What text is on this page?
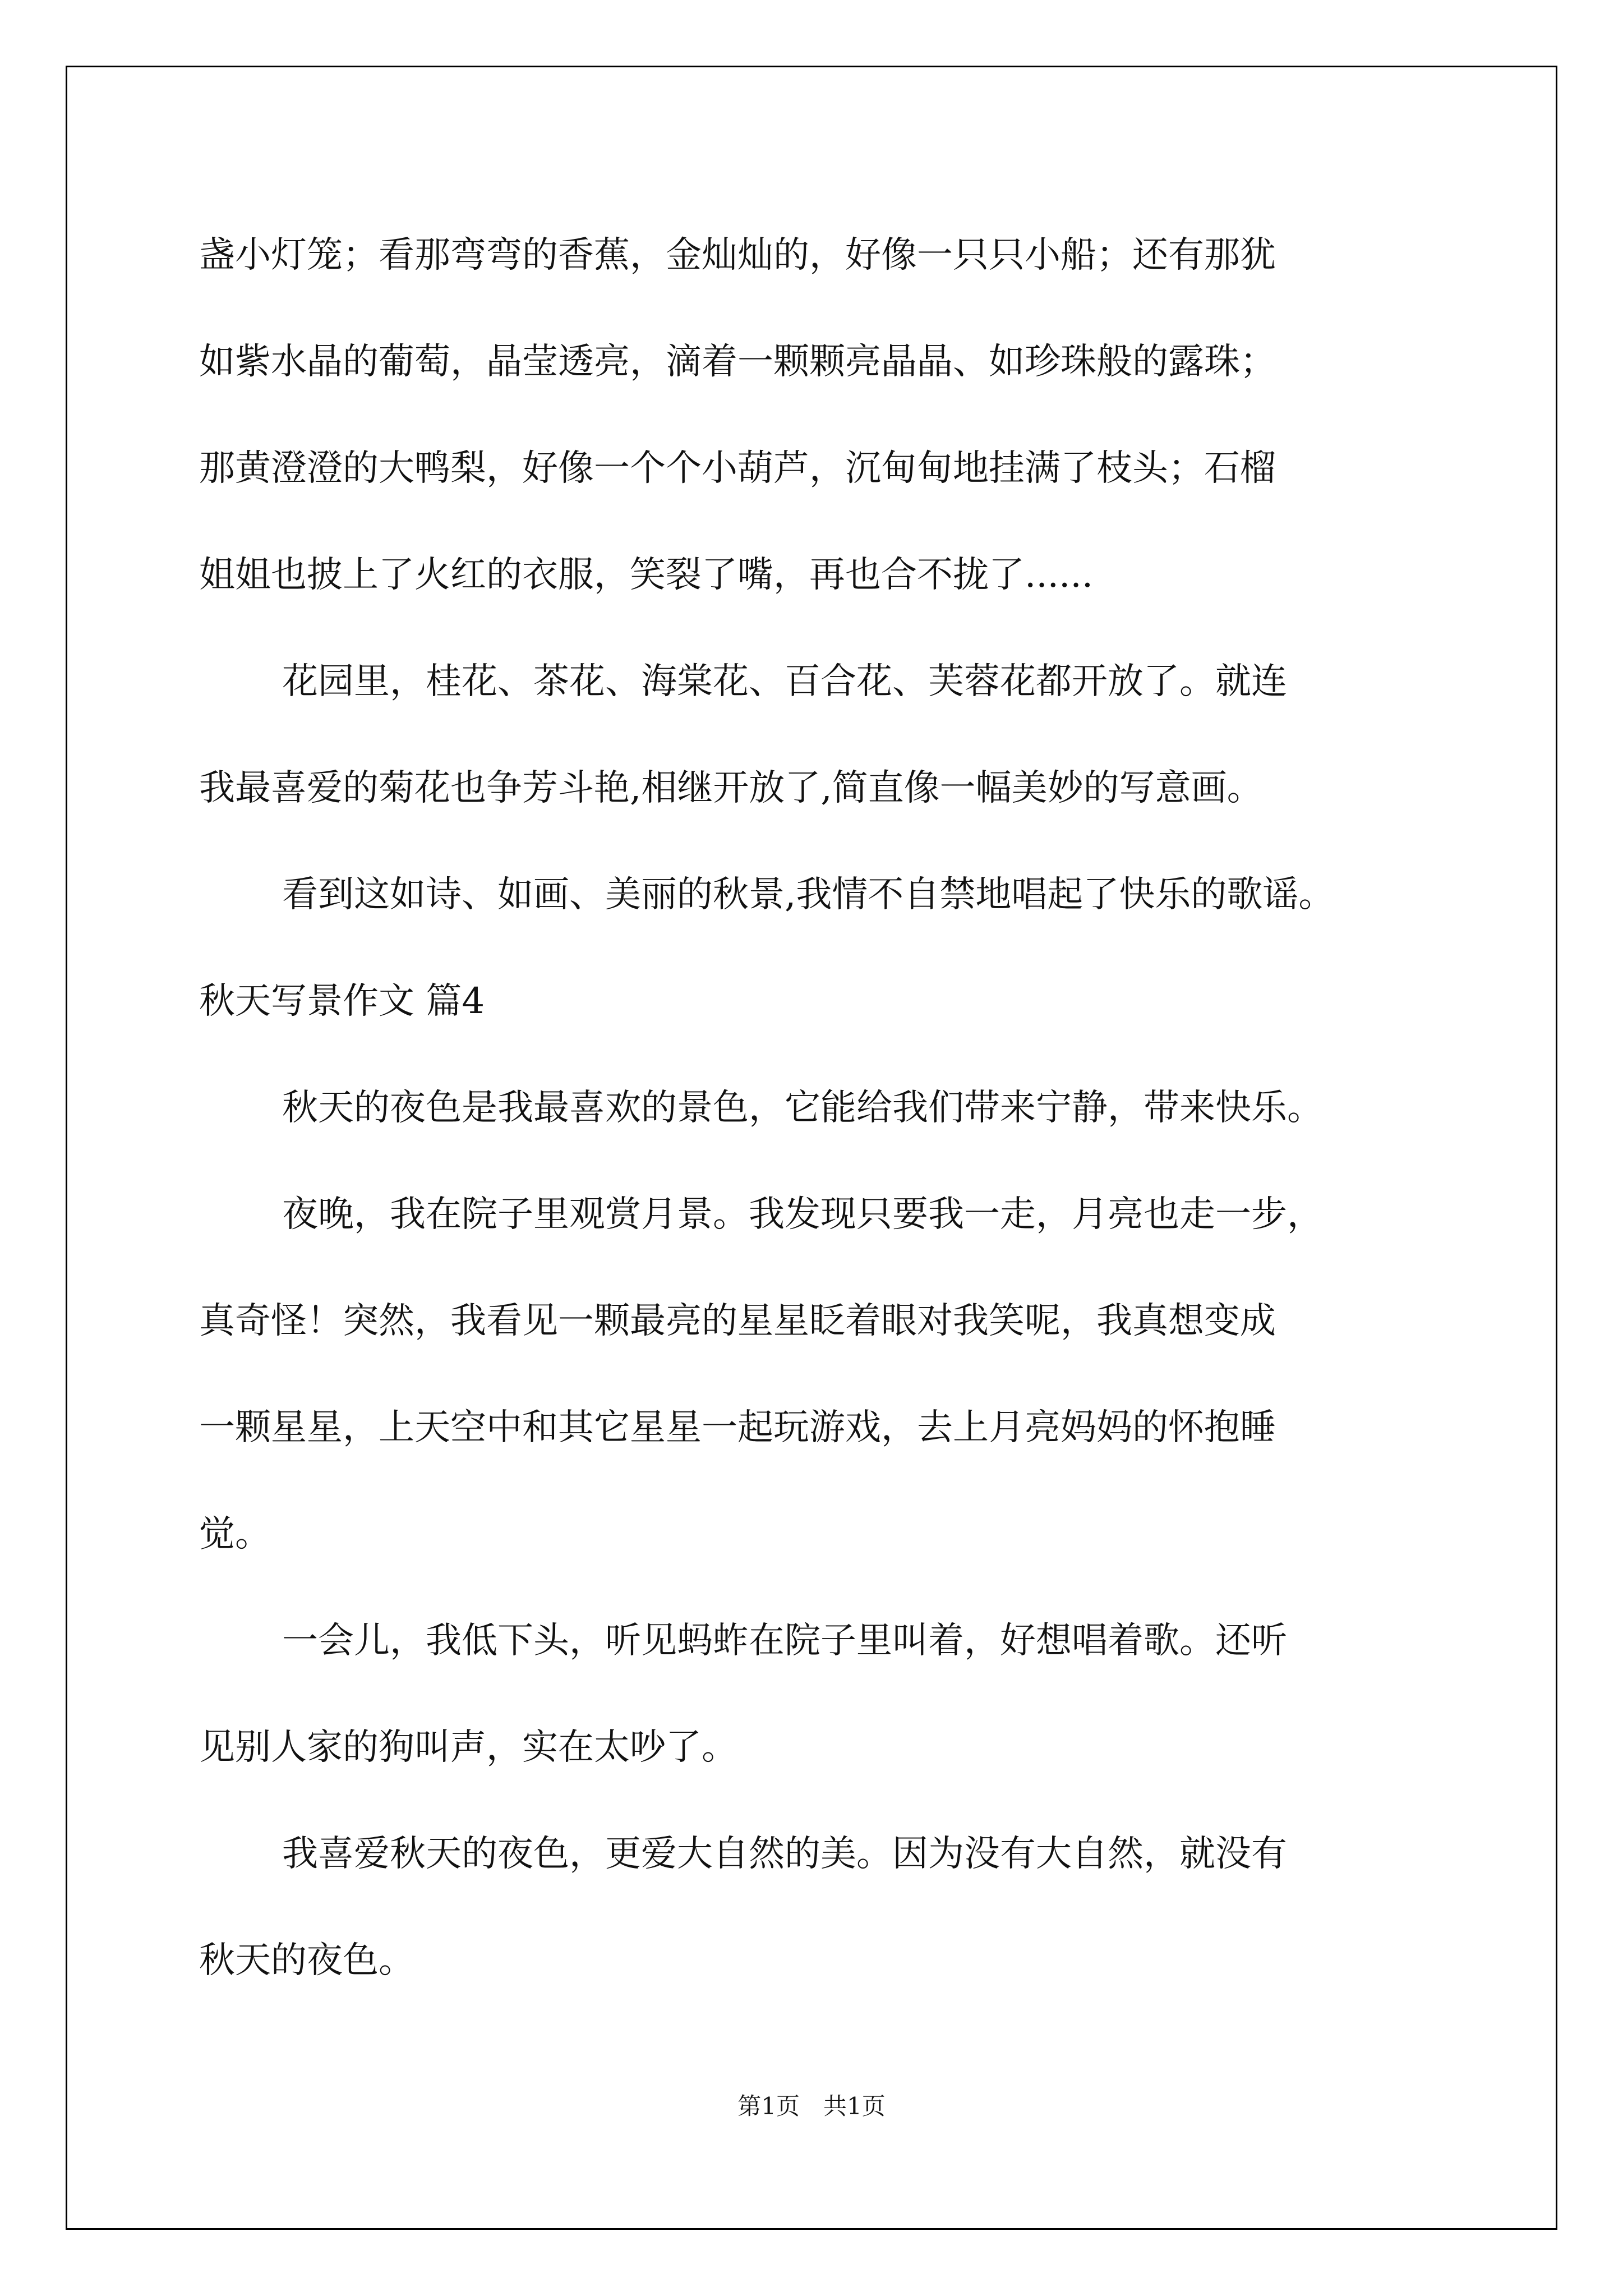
盏小灯笼；看那弯弯的香蕉，金灿灿的，好像一只只小船；还有那犹
如紫水晶的葡萄，晶莹透亮，滴着一颗颗亮晶晶、如珍珠般的露珠；
那黄澄澄的大鸭梨，好像一个个小葫芦，沉甸甸地挂满了枝头；石榴
姐姐也披上了火红的衣服，笑裂了嘴，再也合不拢了......
花园里，桂花、茶花、海棠花、百合花、芙蓉花都开放了。就连
我最喜爱的菊花也争芳斗艳,相继开放了,简直像一幅美妙的写意画。
看到这如诗、如画、美丽的秋景,我情不自禁地唱起了快乐的歌谣。
秋天写景作文 篇4
秋天的夜色是我最喜欢的景色，它能给我们带来宁静，带来快乐。
夜晚，我在院子里观赏月景。我发现只要我一走，月亮也走一步，
真奇怪！突然，我看见一颗最亮的星星眨着眼对我笑呢，我真想变成
一颗星星，上天空中和其它星星一起玩游戏，去上月亮妈妈的怀抱睡
觉。
一会儿，我低下头，听见蚂蚱在院子里叫着，好想唱着歌。还听
见别人家的狗叫声，实在太吵了。
我喜爱秋天的夜色，更爱大自然的美。因为没有大自然，就没有
秋天的夜色。
第1页　共1页
